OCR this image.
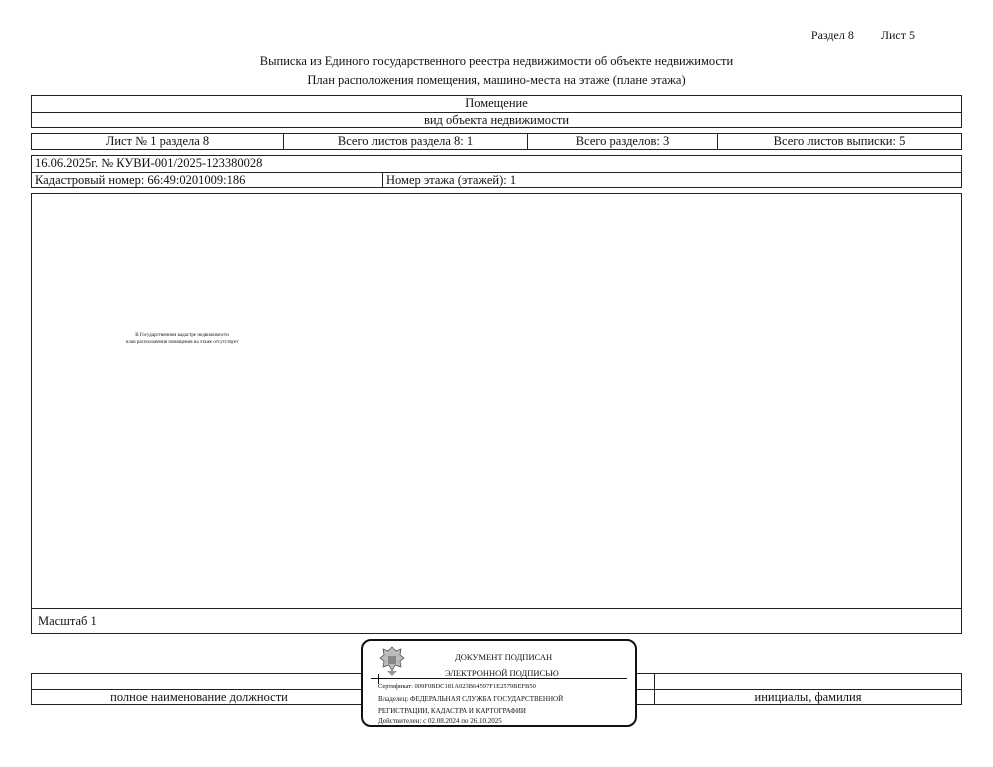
Раздел 8 Лист 5
Выписка из Единого государственного реестра недвижимости об объекте недвижимости
План расположения помещения, машино-места на этаже (плане этажа)
Помещение
вид объекта недвижимости
Лист № 1 раздела 8	Всего листов раздела 8: 1	Всего разделов: 3	Всего листов выписки: 5
16.06.2025г. № КУВИ-001/2025-123380028
Кадастровый номер: 66:49:0201009:186	Номер этажа (этажей): 1
В Государственном кадастре недвижимости
план расположения помещения на этаже отсутствует
Масштаб 1
полное наименование должности	инициалы, фамилия
ДОКУМЕНТ ПОДПИСАН
ЭЛЕКТРОННОЙ ПОДПИСЬЮ
Сертификат: 009F0BDC181A023B64597F1E2579BEFB50
Владелец: ФЕДЕРАЛЬНАЯ СЛУЖБА ГОСУДАРСТВЕННОЙ
РЕГИСТРАЦИИ, КАДАСТРА И КАРТОГРАФИИ
Действителен: с 02.08.2024 по 26.10.2025
